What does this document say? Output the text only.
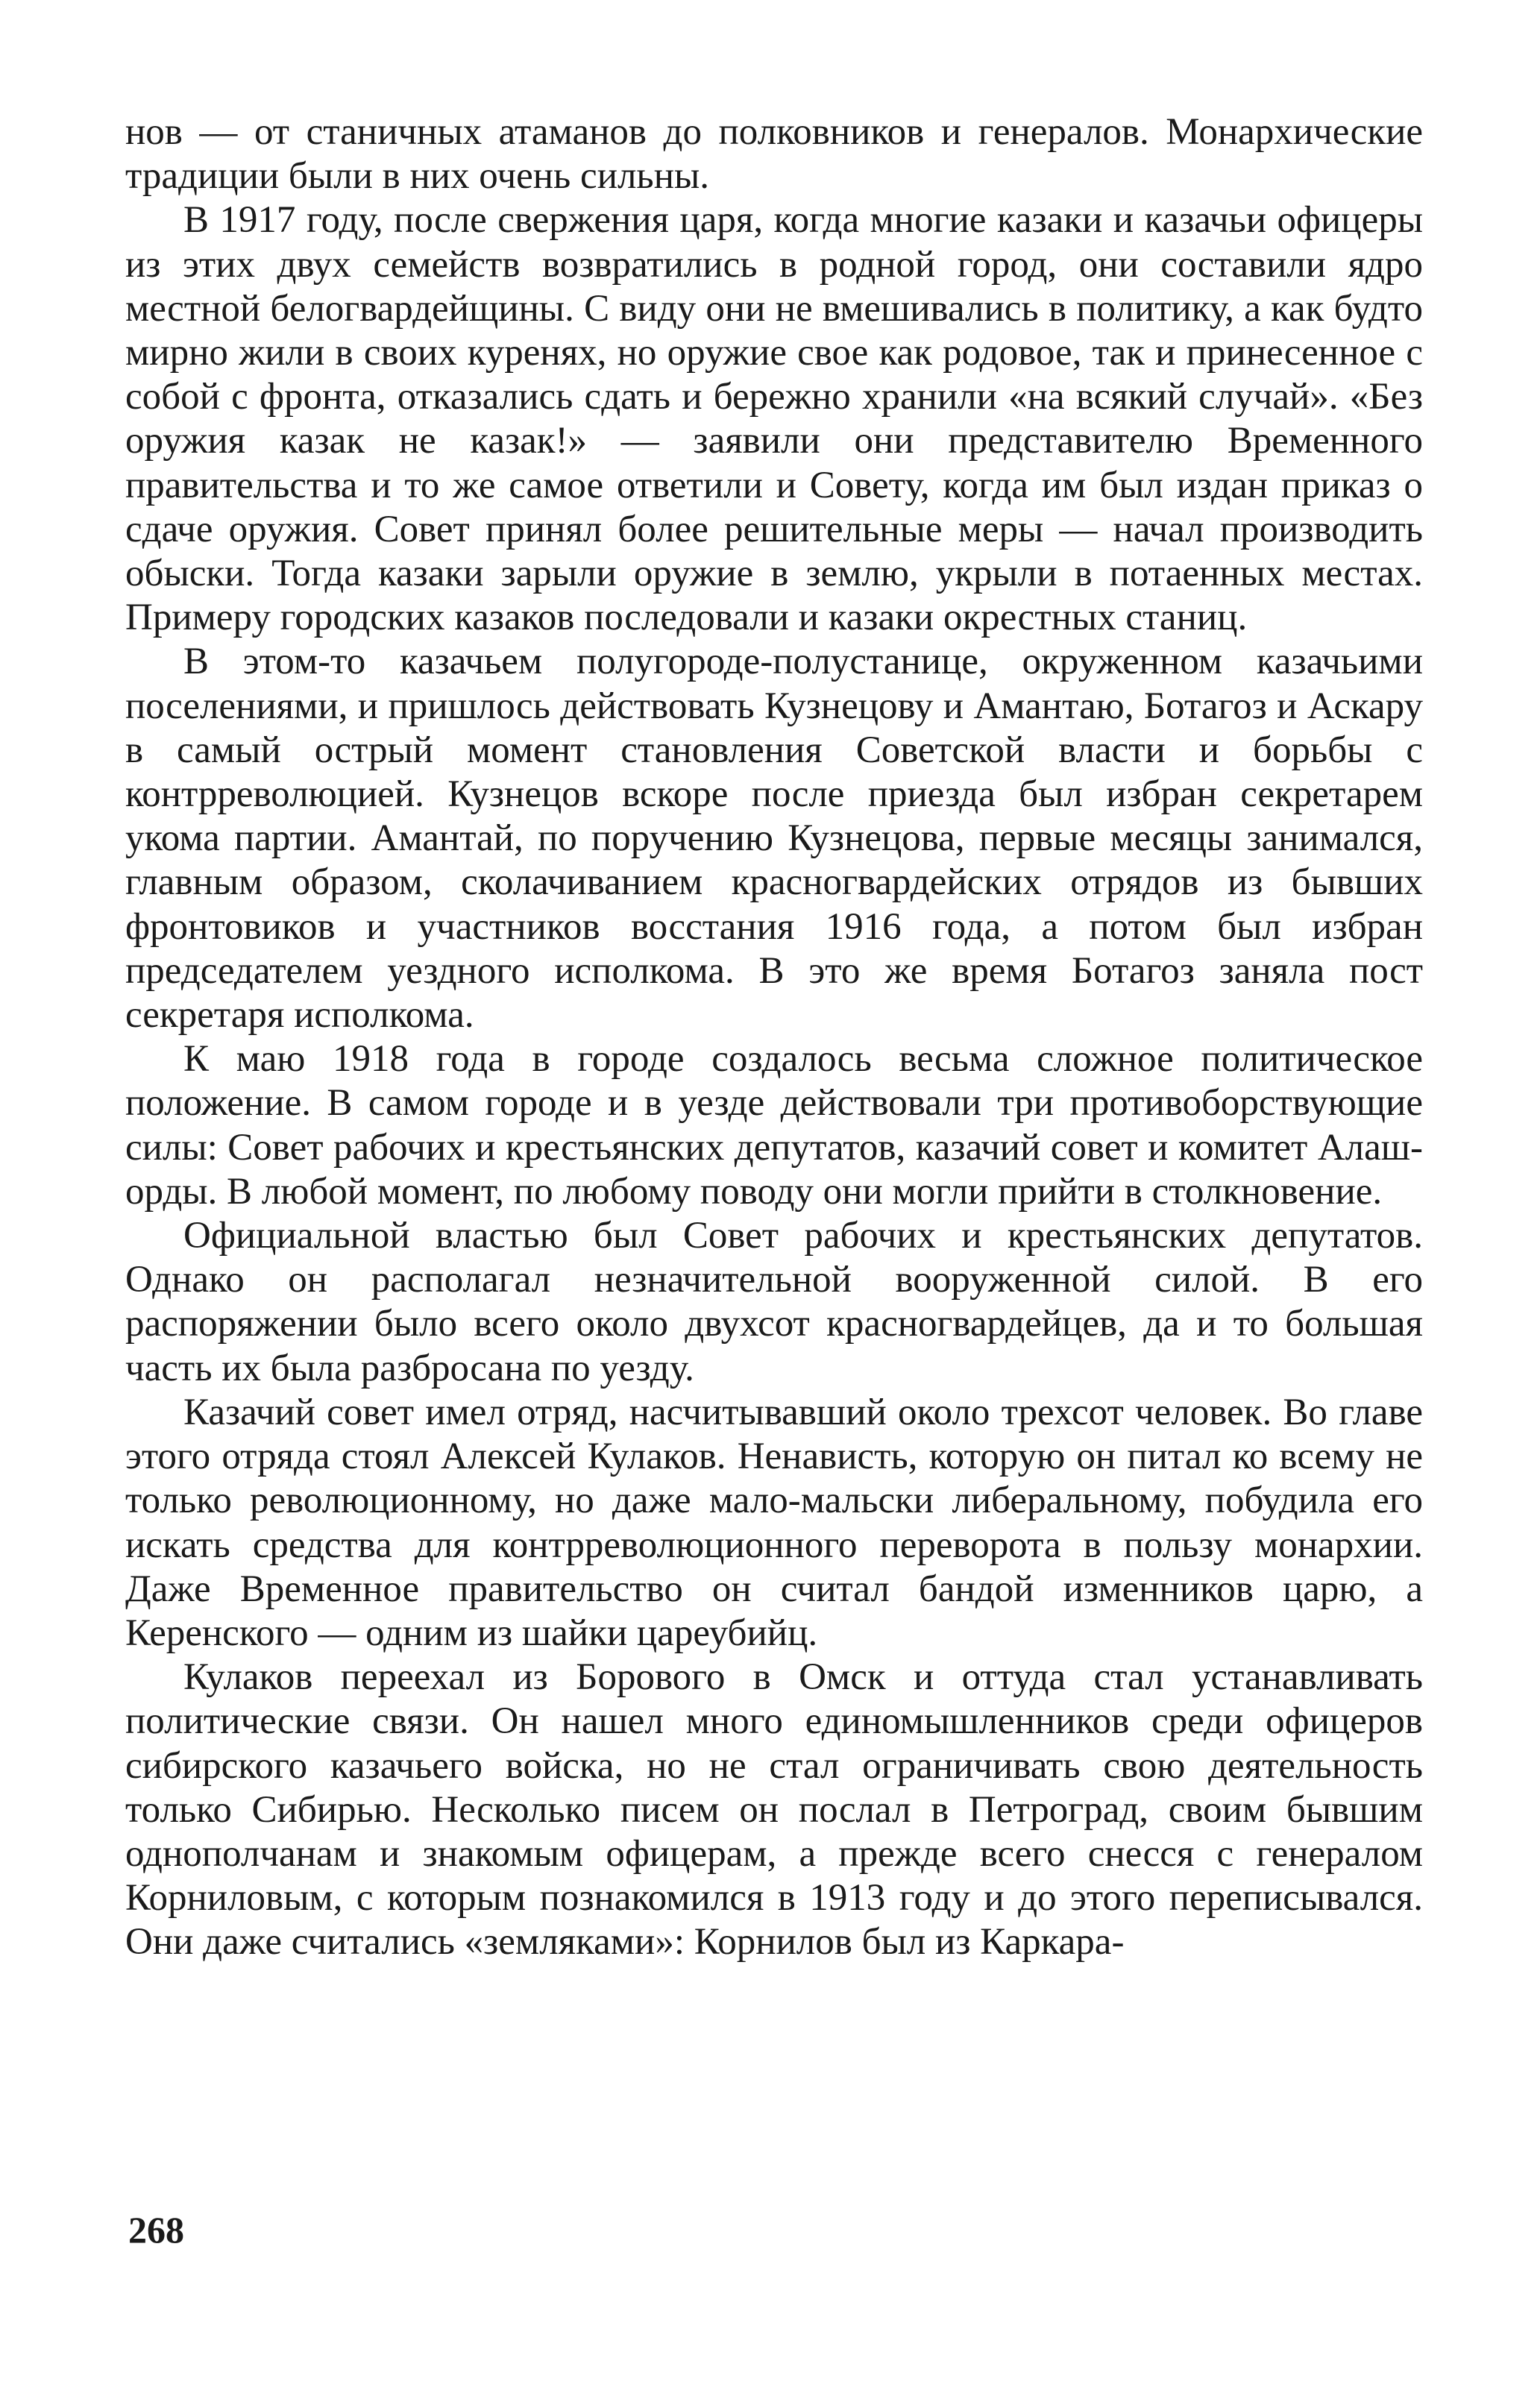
нов — от станичных атаманов до полковников и генералов. Монархические традиции были в них очень сильны.

В 1917 году, после свержения царя, когда многие казаки и казачьи офицеры из этих двух семейств возвратились в родной город, они составили ядро местной белогвардейщины. С виду они не вмешивались в политику, а как будто мирно жили в своих куренях, но оружие свое как родовое, так и принесенное с собой с фронта, отказались сдать и бережно хранили «на всякий случай». «Без оружия казак не казак!» — заявили они представителю Временного правительства и то же самое ответили и Совету, когда им был издан приказ о сдаче оружия. Совет принял более решительные меры — начал производить обыски. Тогда казаки зарыли оружие в землю, укрыли в потаенных местах. Примеру городских казаков последовали и казаки окрестных станиц.

В этом-то казачьем полугороде-полустанице, окруженном казачьими поселениями, и пришлось действовать Кузнецову и Амантаю, Ботагоз и Аскару в самый острый момент становления Советской власти и борьбы с контрреволюцией. Кузнецов вскоре после приезда был избран секретарем укома партии. Амантай, по поручению Кузнецова, первые месяцы занимался, главным образом, сколачиванием красногвардейских отрядов из бывших фронтовиков и участников восстания 1916 года, а потом был избран председателем уездного исполкома. В это же время Ботагоз заняла пост секретаря исполкома.

К маю 1918 года в городе создалось весьма сложное политическое положение. В самом городе и в уезде действовали три противоборствующие силы: Совет рабочих и крестьянских депутатов, казачий совет и комитет Алаш-орды. В любой момент, по любому поводу они могли прийти в столкновение.

Официальной властью был Совет рабочих и крестьянских депутатов. Однако он располагал незначительной вооруженной силой. В его распоряжении было всего около двухсот красногвардейцев, да и то большая часть их была разбросана по уезду.

Казачий совет имел отряд, насчитывавший около трехсот человек. Во главе этого отряда стоял Алексей Кулаков. Ненависть, которую он питал ко всему не только революционному, но даже мало-мальски либеральному, побудила его искать средства для контрреволюционного переворота в пользу монархии. Даже Временное правительство он считал бандой изменников царю, а Керенского — одним из шайки цареубийц.

Кулаков переехал из Борового в Омск и оттуда стал устанавливать политические связи. Он нашел много единомышленников среди офицеров сибирского казачьего войска, но не стал ограничивать свою деятельность только Сибирью. Несколько писем он послал в Петроград, своим бывшим однополчанам и знакомым офицерам, а прежде всего снесся с генералом Корниловым, с которым познакомился в 1913 году и до этого переписывался. Они даже считались «земляками»: Корнилов был из Каркара-

268
